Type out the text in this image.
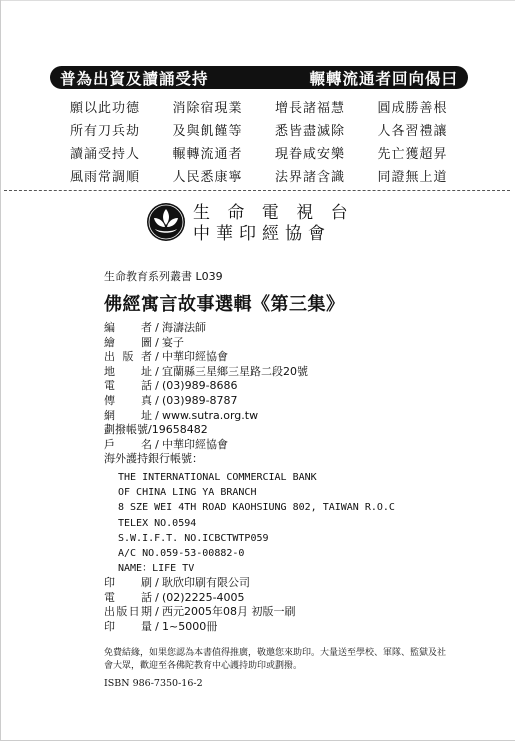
普為出資及讀誦受持	輾轉流通者回向偈曰
願以此功德	消除宿現業	增長諸福慧	圓成勝善根
所有刀兵劫	及與飢饉等	悉皆盡滅除	人各習禮讓
讀誦受持人	輾轉流通者	現眷咸安樂	先亡獲超昇
風雨常調順	人民悉康寧	法界諸含識	同證無上道
生 命 電 視 台
中華印經協會
生命教育系列叢書 L039
佛經寓言故事選輯《第三集》
編　者 / 海濤法師
繪　圖 / 宴子
出版者 / 中華印經協會
地　址 / 宜蘭縣三星鄉三星路二段20號
電　話 / (03)989-8686
傳　真 / (03)989-8787
網　址 / www.sutra.org.tw
劃撥帳號 / 19658482
戶　名 / 中華印經協會
海外護持銀行帳號 ：
THE INTERNATIONAL COMMERCIAL BANK
OF CHINA LING YA BRANCH
8 SZE WEI 4TH ROAD KAOHSIUNG 802, TAIWAN R.O.C
TELEX NO.0594
S.W.I.F.T. NO.ICBCTWTP059
A/C NO.059-53-00882-0
NAME：LIFE TV
印　刷 / 耿欣印刷有限公司
電　話 / (02)2225-4005
出版日期 / 西元2005年08月 初版一刷
印　量 / 1~5000冊
免費結緣，如果您認為本書值得推廣，敬邀您來助印。大量送至學校、軍隊、監獄及社會大眾，歡迎至各佛陀教育中心護持助印或劃撥。
ISBN 986-7350-16-2
